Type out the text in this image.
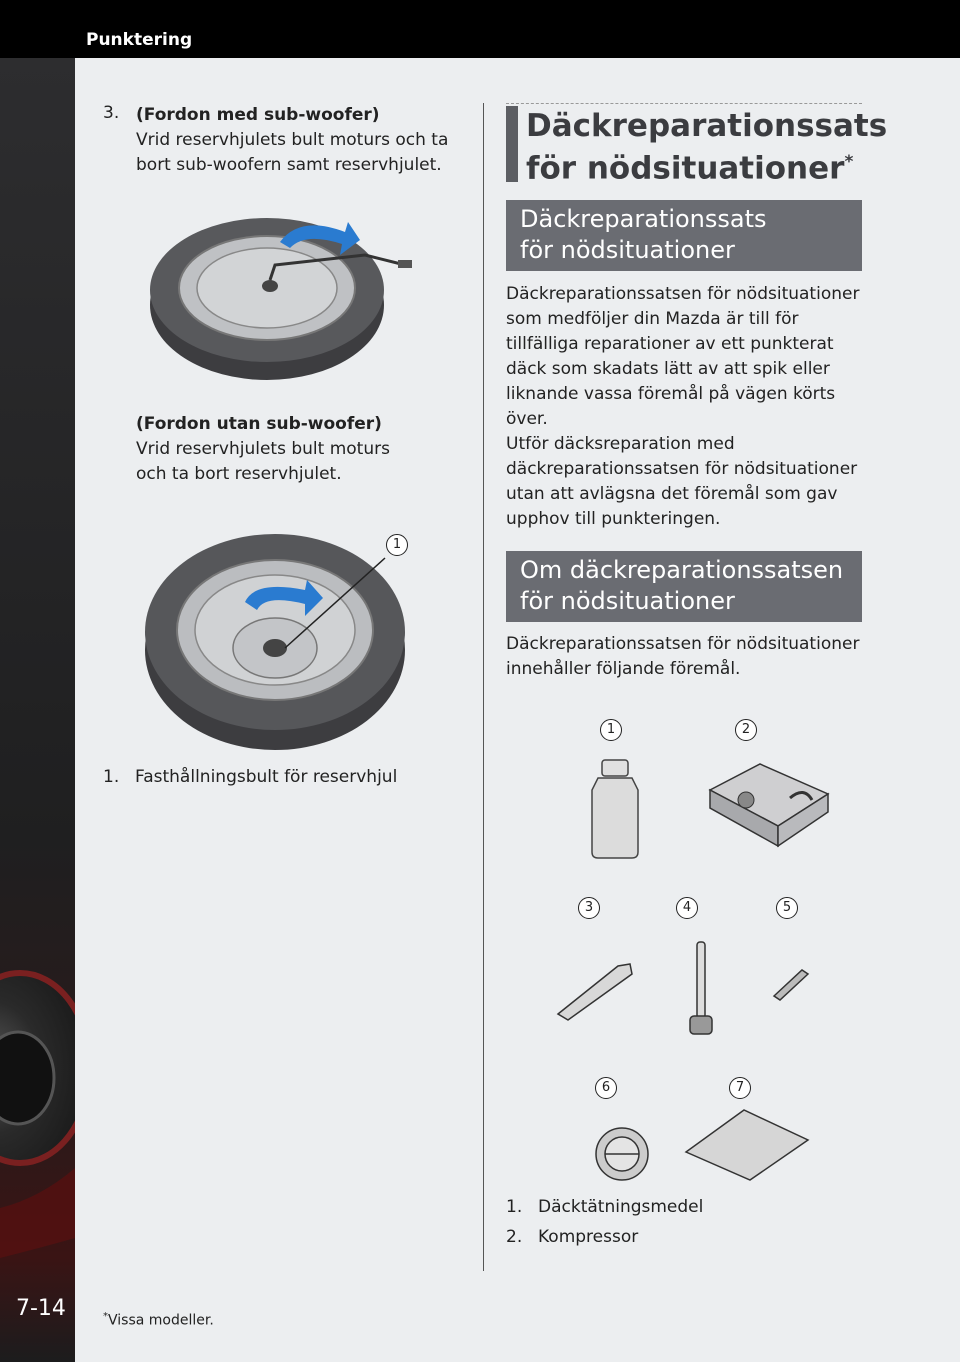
Punktering
7-14
3. (Fordon med sub-woofer)
Vrid reservhjulets bult moturs och ta
bort sub-woofern samt reservhjulet.
(Fordon utan sub-woofer)
Vrid reservhjulets bult moturs
och ta bort reservhjulet.
1
1. Fasthållningsbult för reservhjul
Däckreparationssats
för nödsituationer*
Däckreparationssats
för nödsituationer
Däckreparationssatsen för nödsituationer
som medföljer din Mazda är till för
tillfälliga reparationer av ett punkterat
däck som skadats lätt av att spik eller
liknande vassa föremål på vägen körts
över.
Utför däcksreparation med
däckreparationssatsen för nödsituationer
utan att avlägsna det föremål som gav
upphov till punkteringen.
Om däckreparationssatsen
för nödsituationer
Däckreparationssatsen för nödsituationer
innehåller följande föremål.
1	2
3	4	5
6	7
1. Däcktätningsmedel
2. Kompressor
*Vissa modeller.
